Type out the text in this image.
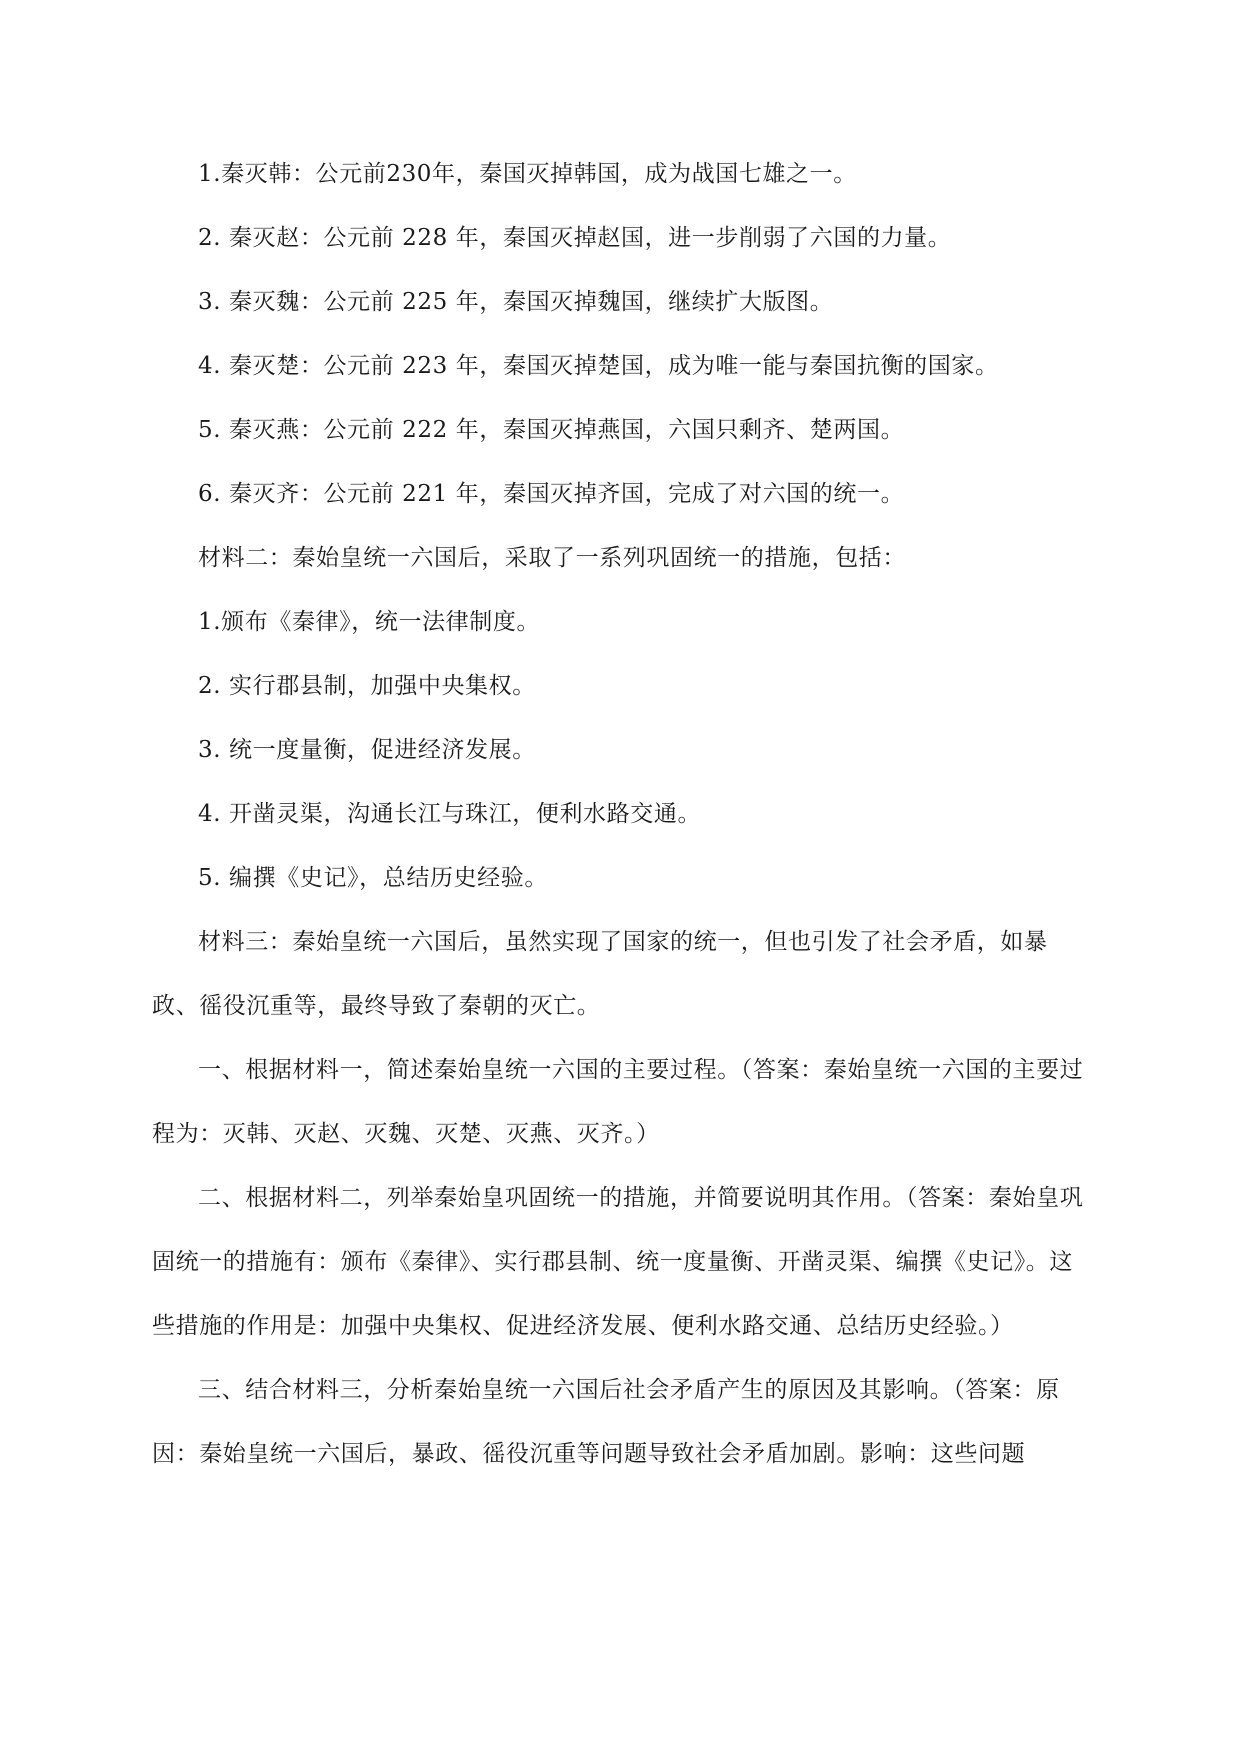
1.秦灭韩：公元前230年，秦国灭掉韩国，成为战国七雄之一。

2. 秦灭赵：公元前 228 年，秦国灭掉赵国，进一步削弱了六国的力量。

3. 秦灭魏：公元前 225 年，秦国灭掉魏国，继续扩大版图。

4. 秦灭楚：公元前 223 年，秦国灭掉楚国，成为唯一能与秦国抗衡的国家。

5. 秦灭燕：公元前 222 年，秦国灭掉燕国，六国只剩齐、楚两国。

6. 秦灭齐：公元前 221 年，秦国灭掉齐国，完成了对六国的统一。

材料二：秦始皇统一六国后，采取了一系列巩固统一的措施，包括：

1.颁布《秦律》，统一法律制度。

2. 实行郡县制，加强中央集权。

3. 统一度量衡，促进经济发展。

4. 开凿灵渠，沟通长江与珠江，便利水路交通。

5. 编撰《史记》，总结历史经验。

材料三：秦始皇统一六国后，虽然实现了国家的统一，但也引发了社会矛盾，如暴政、徭役沉重等，最终导致了秦朝的灭亡。

一、根据材料一，简述秦始皇统一六国的主要过程。（答案：秦始皇统一六国的主要过程为：灭韩、灭赵、灭魏、灭楚、灭燕、灭齐。）

二、根据材料二，列举秦始皇巩固统一的措施，并简要说明其作用。（答案：秦始皇巩固统一的措施有：颁布《秦律》、实行郡县制、统一度量衡、开凿灵渠、编撰《史记》。这些措施的作用是：加强中央集权、促进经济发展、便利水路交通、总结历史经验。）

三、结合材料三，分析秦始皇统一六国后社会矛盾产生的原因及其影响。（答案：原因：秦始皇统一六国后，暴政、徭役沉重等问题导致社会矛盾加剧。影响：这些问题
